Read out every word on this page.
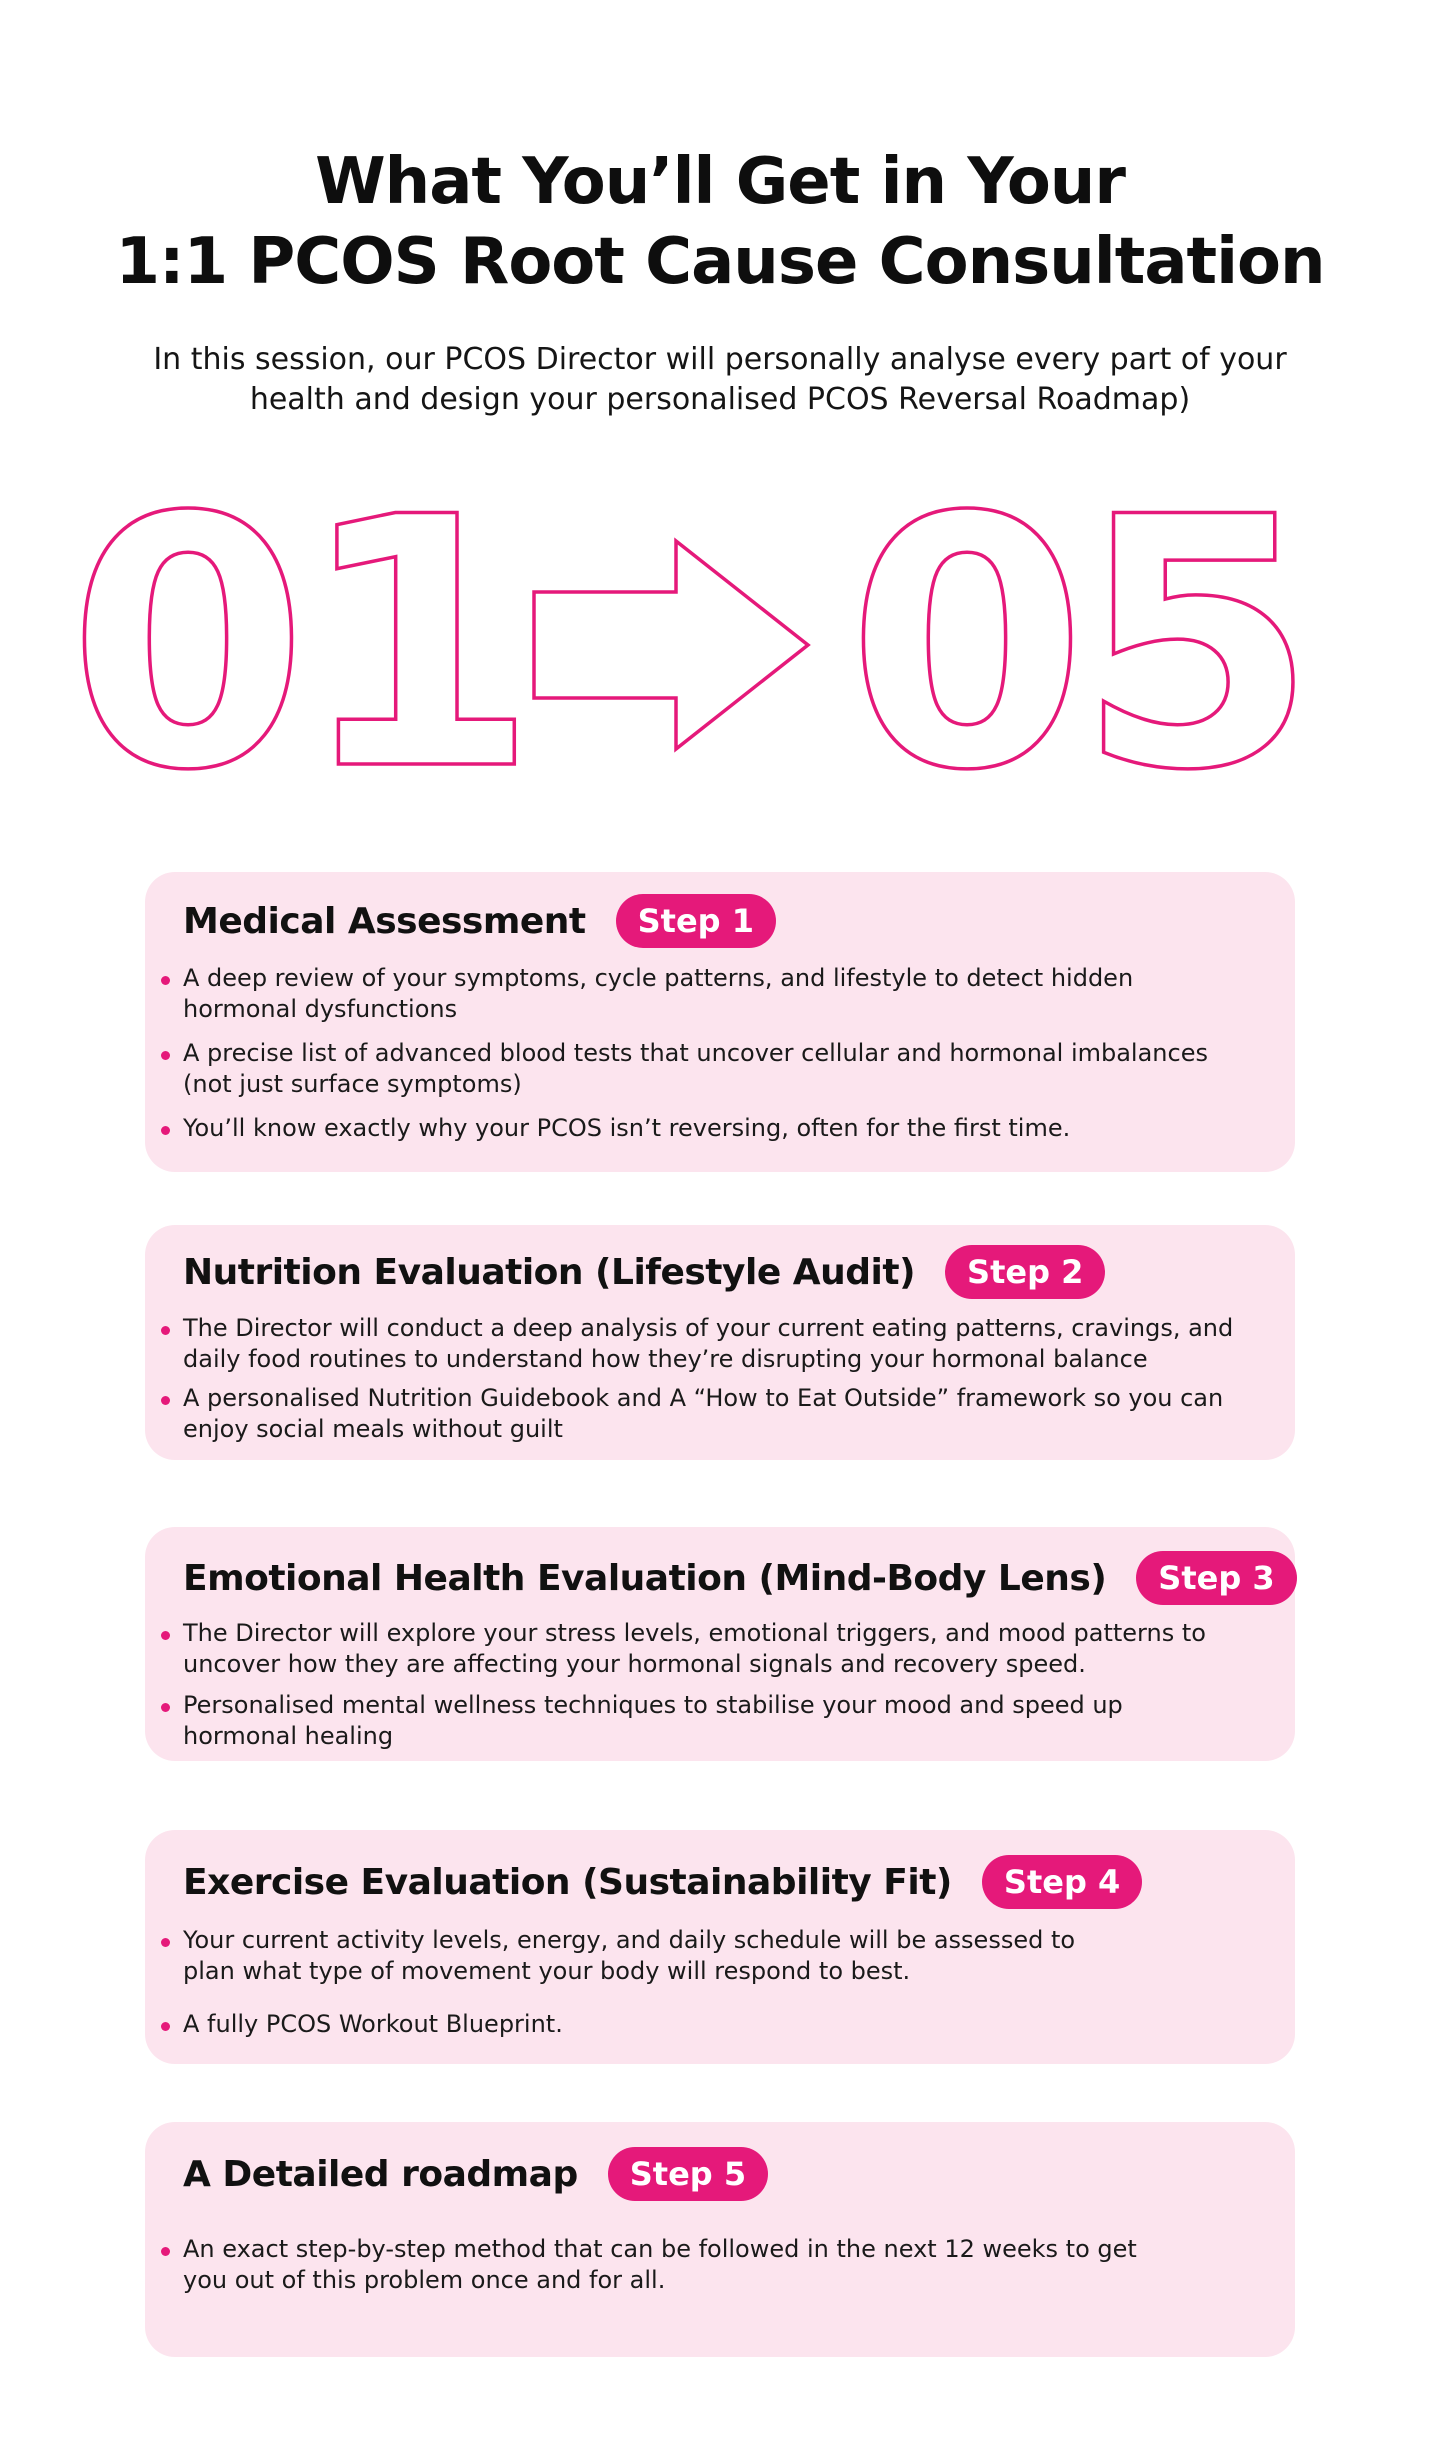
What You’ll Get in Your
1:1 PCOS Root Cause Consultation

In this session, our PCOS Director will personally analyse every part of your health and design your personalised PCOS Reversal Roadmap)

01 05
Medical Assessment	Step 1
A deep review of your symptoms, cycle patterns, and lifestyle to detect hidden hormonal dysfunctions
A precise list of advanced blood tests that uncover cellular and hormonal imbalances (not just surface symptoms)
You’ll know exactly why your PCOS isn’t reversing, often for the first time.
Nutrition Evaluation (Lifestyle Audit)	Step 2
The Director will conduct a deep analysis of your current eating patterns, cravings, and daily food routines to understand how they’re disrupting your hormonal balance
A personalised Nutrition Guidebook and A “How to Eat Outside” framework so you can enjoy social meals without guilt
Emotional Health Evaluation (Mind-Body Lens)	Step 3
The Director will explore your stress levels, emotional triggers, and mood patterns to uncover how they are affecting your hormonal signals and recovery speed.
Personalised mental wellness techniques to stabilise your mood and speed up hormonal healing
Exercise Evaluation (Sustainability Fit)	Step 4
Your current activity levels, energy, and daily schedule will be assessed to plan what type of movement your body will respond to best.
A fully PCOS Workout Blueprint.
A Detailed roadmap	Step 5
An exact step-by-step method that can be followed in the next 12 weeks to get you out of this problem once and for all.
